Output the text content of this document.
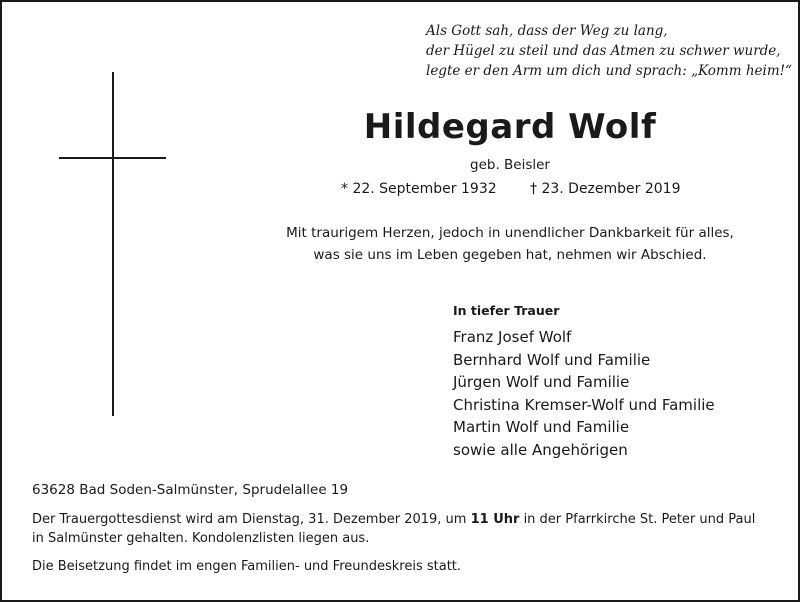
Als Gott sah, dass der Weg zu lang,
der Hügel zu steil und das Atmen zu schwer wurde,
legte er den Arm um dich und sprach: „Komm heim!“
Hildegard Wolf
geb. Beisler
* 22. September 1932 † 23. Dezember 2019
Mit traurigem Herzen, jedoch in unendlicher Dankbarkeit für alles,
was sie uns im Leben gegeben hat, nehmen wir Abschied.
In tiefer Trauer
Franz Josef Wolf
Bernhard Wolf und Familie
Jürgen Wolf und Familie
Christina Kremser-Wolf und Familie
Martin Wolf und Familie
sowie alle Angehörigen
63628 Bad Soden-Salmünster, Sprudelallee 19
Der Trauergottesdienst wird am Dienstag, 31. Dezember 2019, um 11 Uhr in der Pfarrkirche St. Peter und Paul
in Salmünster gehalten. Kondolenzlisten liegen aus.
Die Beisetzung findet im engen Familien- und Freundeskreis statt.
